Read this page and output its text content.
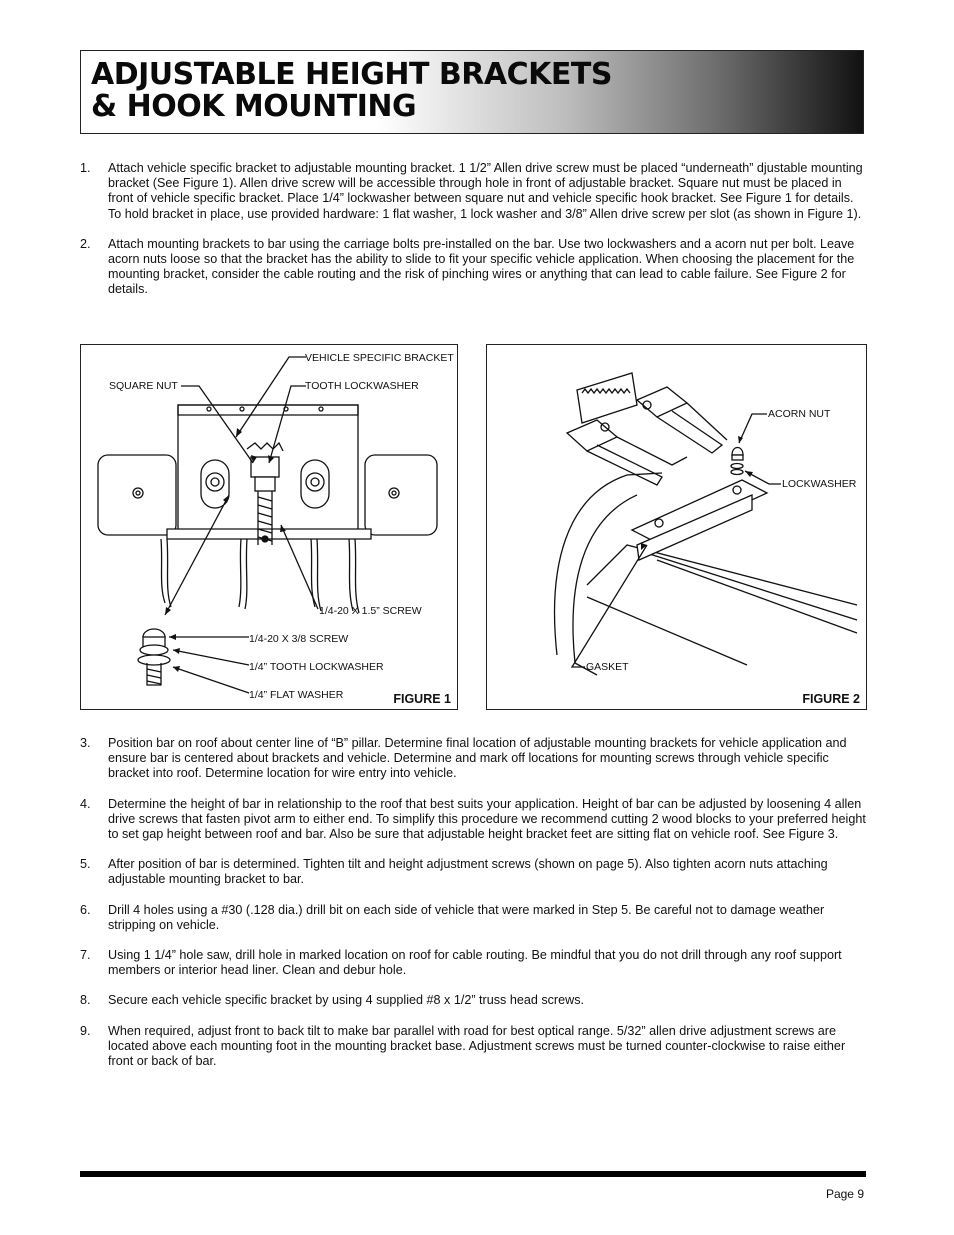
ADJUSTABLE HEIGHT BRACKETS
& HOOK MOUNTING
1. Attach vehicle specific bracket to adjustable mounting bracket. 1 1/2” Allen drive screw must be placed “underneath” djustable mounting bracket (See Figure 1). Allen drive screw will be accessible through hole in front of adjustable bracket. Square nut must be placed in front of vehicle specific bracket. Place 1/4” lockwasher between square nut and vehicle specific hook bracket. See Figure 1 for details. To hold bracket in place, use provided hardware: 1 flat washer, 1 lock washer and 3/8” Allen drive screw per slot (as shown in Figure 1).
2. Attach mounting brackets to bar using the carriage bolts pre-installed on the bar. Use two lockwashers and a acorn nut per bolt. Leave acorn nuts loose so that the bracket has the ability to slide to fit your specific vehicle application. When choosing the placement for the mounting bracket, consider the cable routing and the risk of pinching wires or anything that can lead to cable failure. See Figure 2 for details.
VEHICLE SPECIFIC BRACKET
SQUARE NUT	TOOTH LOCKWASHER
1/4-20 X 1.5” SCREW
1/4-20 X 3/8 SCREW
1/4” TOOTH LOCKWASHER
1/4” FLAT WASHER	FIGURE 1
ACORN NUT
LOCKWASHER
GASKET
FIGURE 2
3. Position bar on roof about center line of “B” pillar. Determine final location of adjustable mounting brackets for vehicle application and ensure bar is centered about brackets and vehicle. Determine and mark off locations for mounting screws through vehicle specific bracket into roof. Determine location for wire entry into vehicle.
4. Determine the height of bar in relationship to the roof that best suits your application. Height of bar can be adjusted by loosening 4 allen drive screws that fasten pivot arm to either end. To simplify this procedure we recommend cutting 2 wood blocks to your preferred height to set gap height between roof and bar. Also be sure that adjustable height bracket feet are sitting flat on vehicle roof. See Figure 3.
5. After position of bar is determined. Tighten tilt and height adjustment screws (shown on page 5). Also tighten acorn nuts attaching adjustable mounting bracket to bar.
6. Drill 4 holes using a #30 (.128 dia.) drill bit on each side of vehicle that were marked in Step 5. Be careful not to damage weather stripping on vehicle.
7. Using 1 1/4” hole saw, drill hole in marked location on roof for cable routing. Be mindful that you do not drill through any roof support members or interior head liner. Clean and debur hole.
8. Secure each vehicle specific bracket by using 4 supplied #8 x 1/2” truss head screws.
9. When required, adjust front to back tilt to make bar parallel with road for best optical range. 5/32” allen drive adjustment screws are located above each mounting foot in the mounting bracket base. Adjustment screws must be turned counter-clockwise to raise either front or back of bar.
Page 9
